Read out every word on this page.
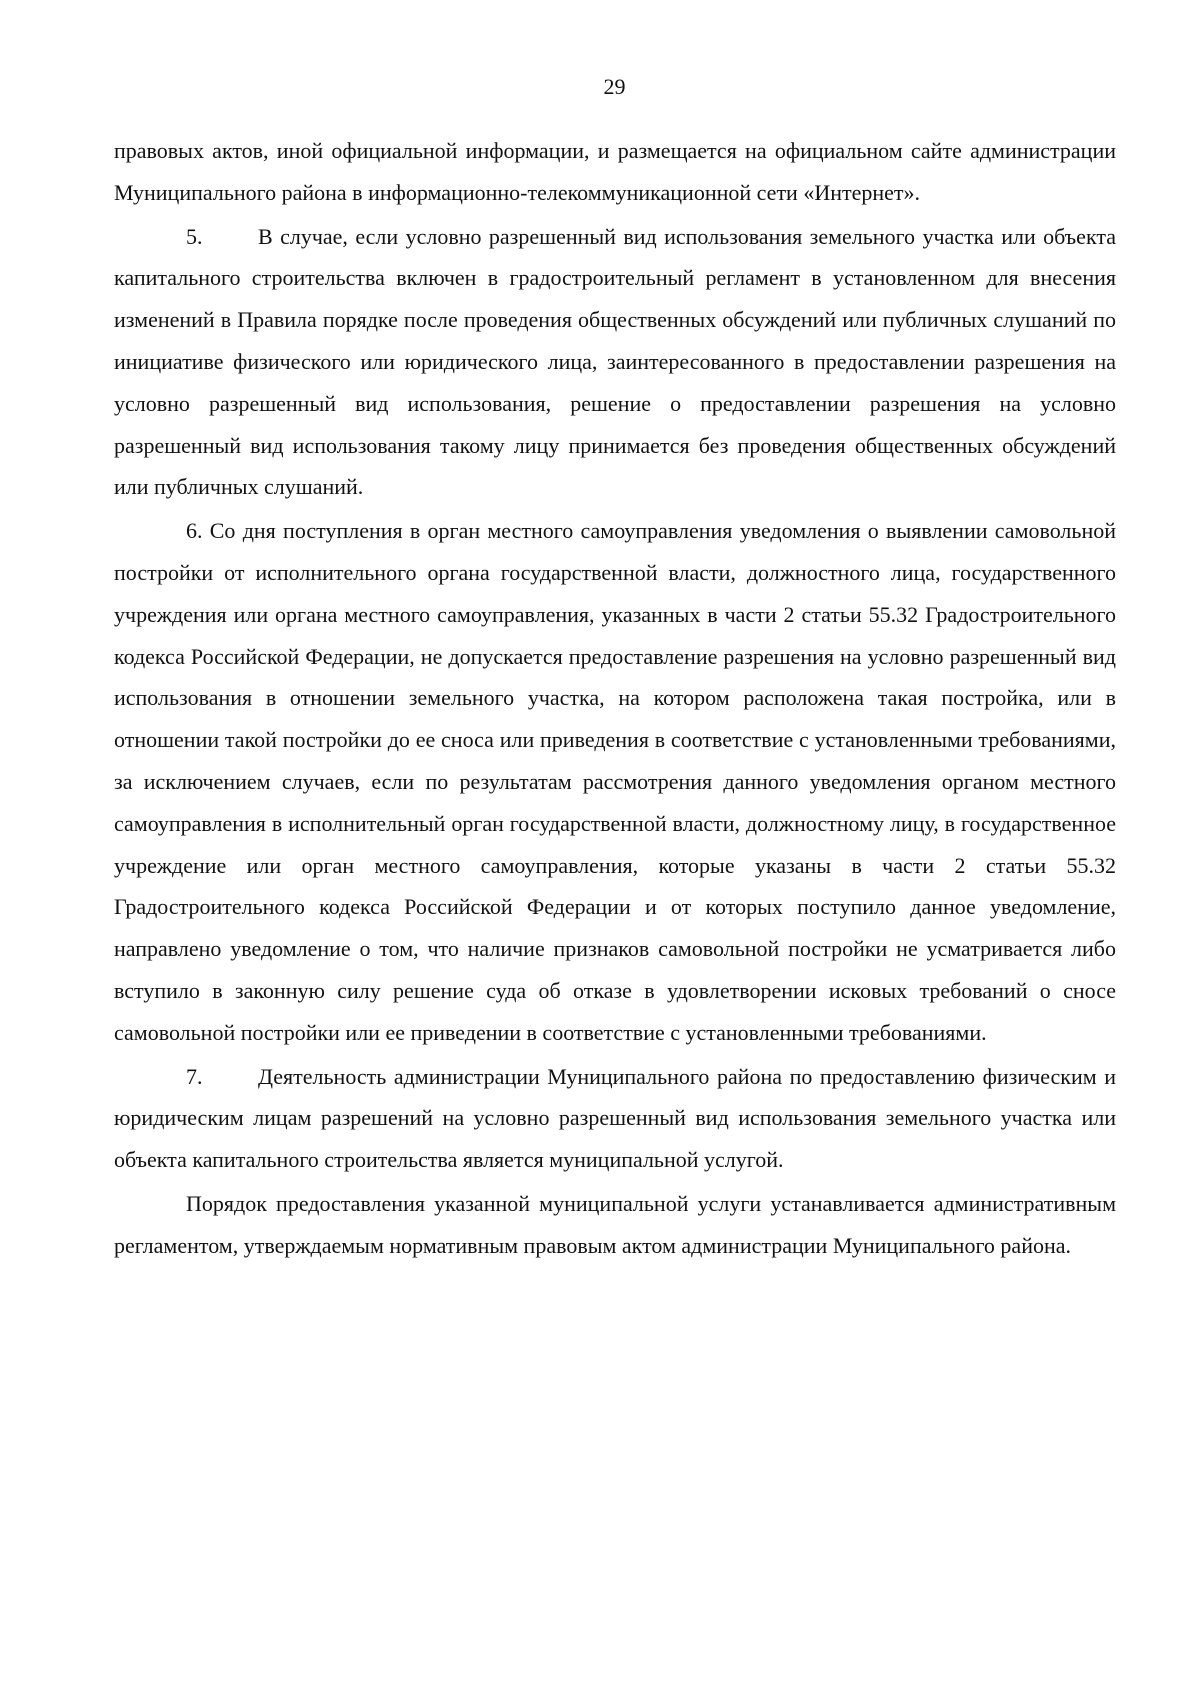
29

правовых актов, иной официальной информации, и размещается на официальном сайте администрации Муниципального района в информационно-телекоммуникационной сети «Интернет».

5.	В случае, если условно разрешенный вид использования земельного участка или объекта капитального строительства включен в градостроительный регламент в установленном для внесения изменений в Правила порядке после проведения общественных обсуждений или публичных слушаний по инициативе физического или юридического лица, заинтересованного в предоставлении разрешения на условно разрешенный вид использования, решение о предоставлении разрешения на условно разрешенный вид использования такому лицу принимается без проведения общественных обсуждений или публичных слушаний.

6. Со дня поступления в орган местного самоуправления уведомления о выявлении самовольной постройки от исполнительного органа государственной власти, должностного лица, государственного учреждения или органа местного самоуправления, указанных в части 2 статьи 55.32 Градостроительного кодекса Российской Федерации, не допускается предоставление разрешения на условно разрешенный вид использования в отношении земельного участка, на котором расположена такая постройка, или в отношении такой постройки до ее сноса или приведения в соответствие с установленными требованиями, за исключением случаев, если по результатам рассмотрения данного уведомления органом местного самоуправления в исполнительный орган государственной власти, должностному лицу, в государственное учреждение или орган местного самоуправления, которые указаны в части 2 статьи 55.32 Градостроительного кодекса Российской Федерации и от которых поступило данное уведомление, направлено уведомление о том, что наличие признаков самовольной постройки не усматривается либо вступило в законную силу решение суда об отказе в удовлетворении исковых требований о сносе самовольной постройки или ее приведении в соответствие с установленными требованиями.

7.	Деятельность администрации Муниципального района по предоставлению физическим и юридическим лицам разрешений на условно разрешенный вид использования земельного участка или объекта капитального строительства является муниципальной услугой.

Порядок предоставления указанной муниципальной услуги устанавливается административным регламентом, утверждаемым нормативным правовым актом администрации Муниципального района.
